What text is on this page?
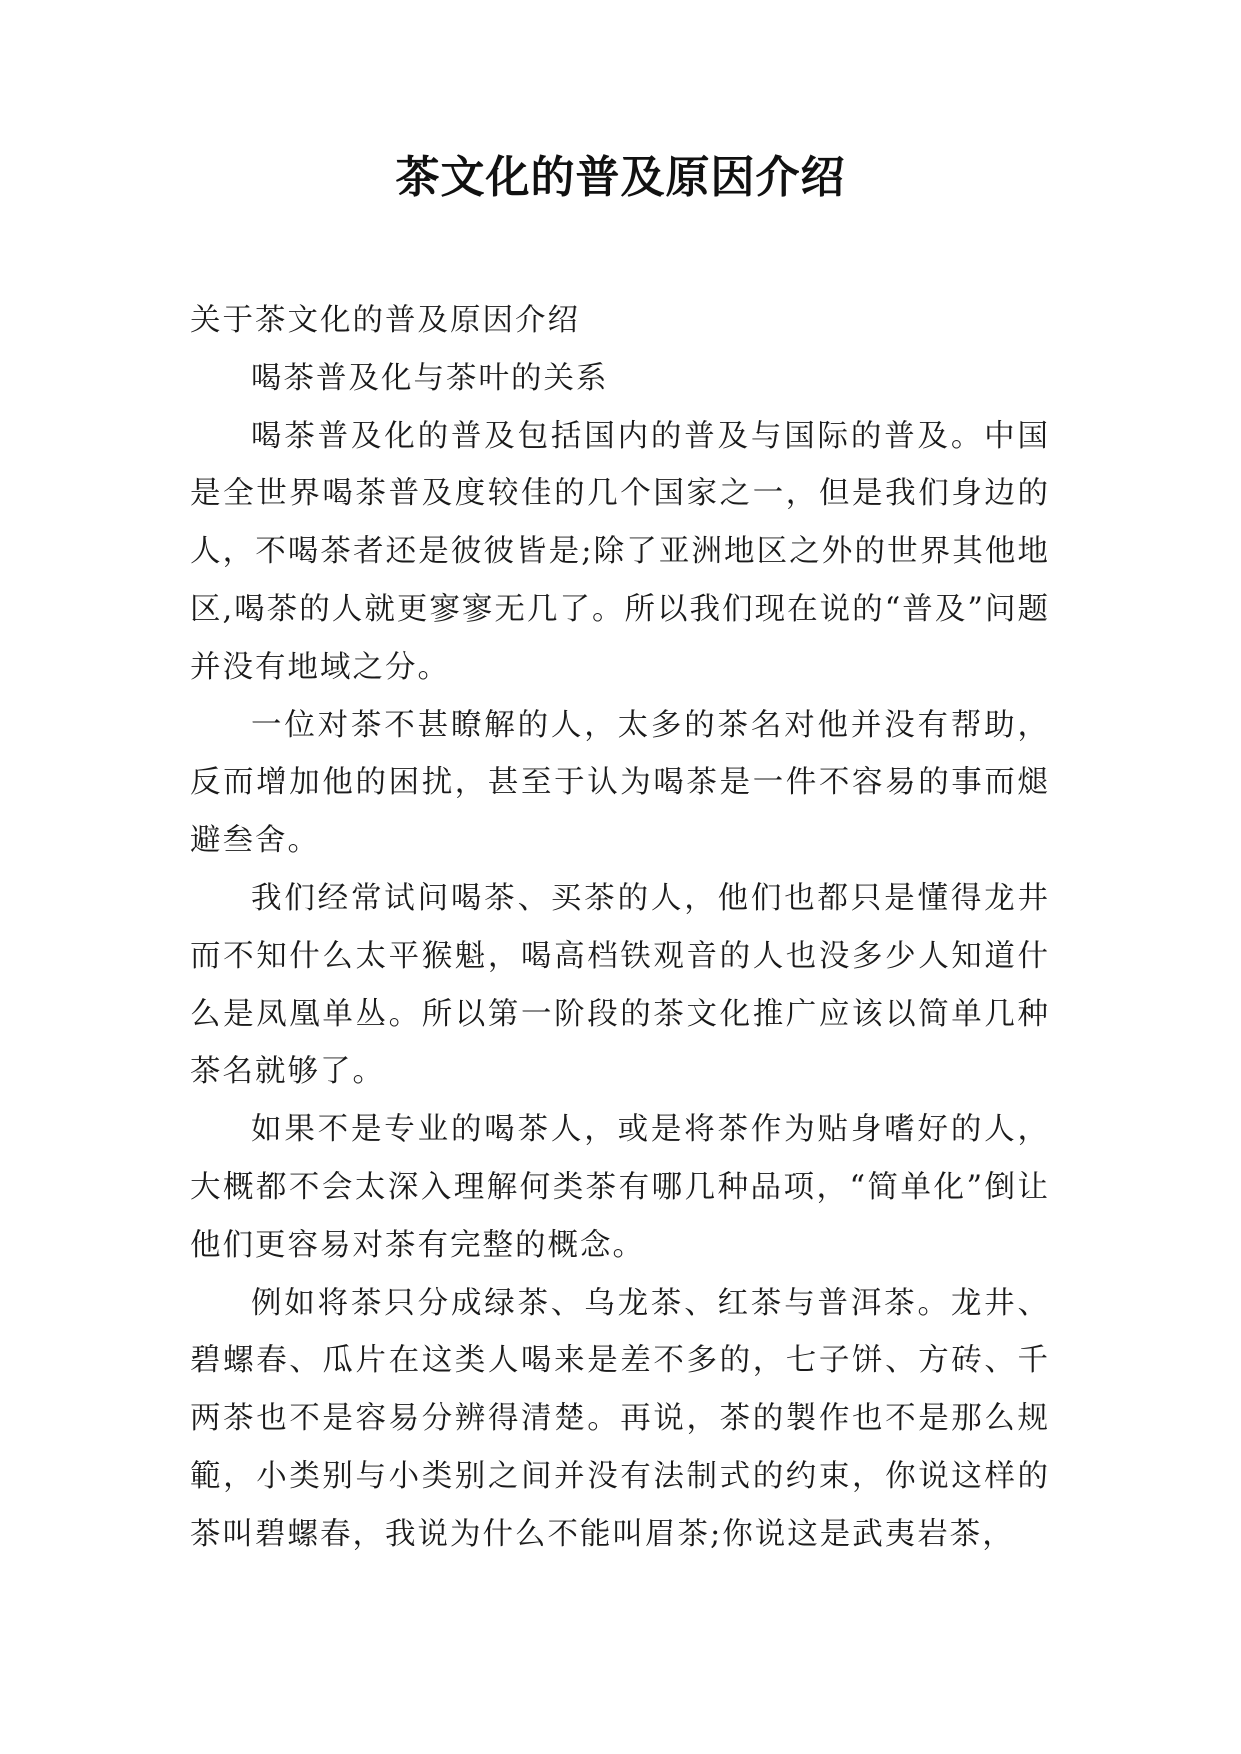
茶文化的普及原因介绍

关于茶文化的普及原因介绍

喝茶普及化与茶叶的关系

喝茶普及化的普及包括国内的普及与国际的普及。中国是全世界喝茶普及度较佳的几个国家之一，但是我们身边的人，不喝茶者还是彼彼皆是;除了亚洲地区之外的世界其他地区,喝茶的人就更寥寥无几了。所以我们现在说的“普及”问题并没有地域之分。

一位对茶不甚瞭解的人，太多的茶名对他并没有帮助，反而增加他的困扰，甚至于认为喝茶是一件不容易的事而煺避叁舍。

我们经常试问喝茶、买茶的人，他们也都只是懂得龙井而不知什么太平猴魁，喝高档铁观音的人也没多少人知道什么是凤凰单丛。所以第一阶段的茶文化推广应该以简单几种茶名就够了。

如果不是专业的喝茶人，或是将茶作为贴身嗜好的人，大概都不会太深入理解何类茶有哪几种品项，“简单化”倒让他们更容易对茶有完整的概念。

例如将茶只分成绿茶、乌龙茶、红茶与普洱茶。龙井、碧螺春、瓜片在这类人喝来是差不多的，七子饼、方砖、千两茶也不是容易分辨得清楚。再说，茶的製作也不是那么规範，小类别与小类别之间并没有法制式的约束，你说这样的茶叫碧螺春，我说为什么不能叫眉茶;你说这是武夷岩茶，
